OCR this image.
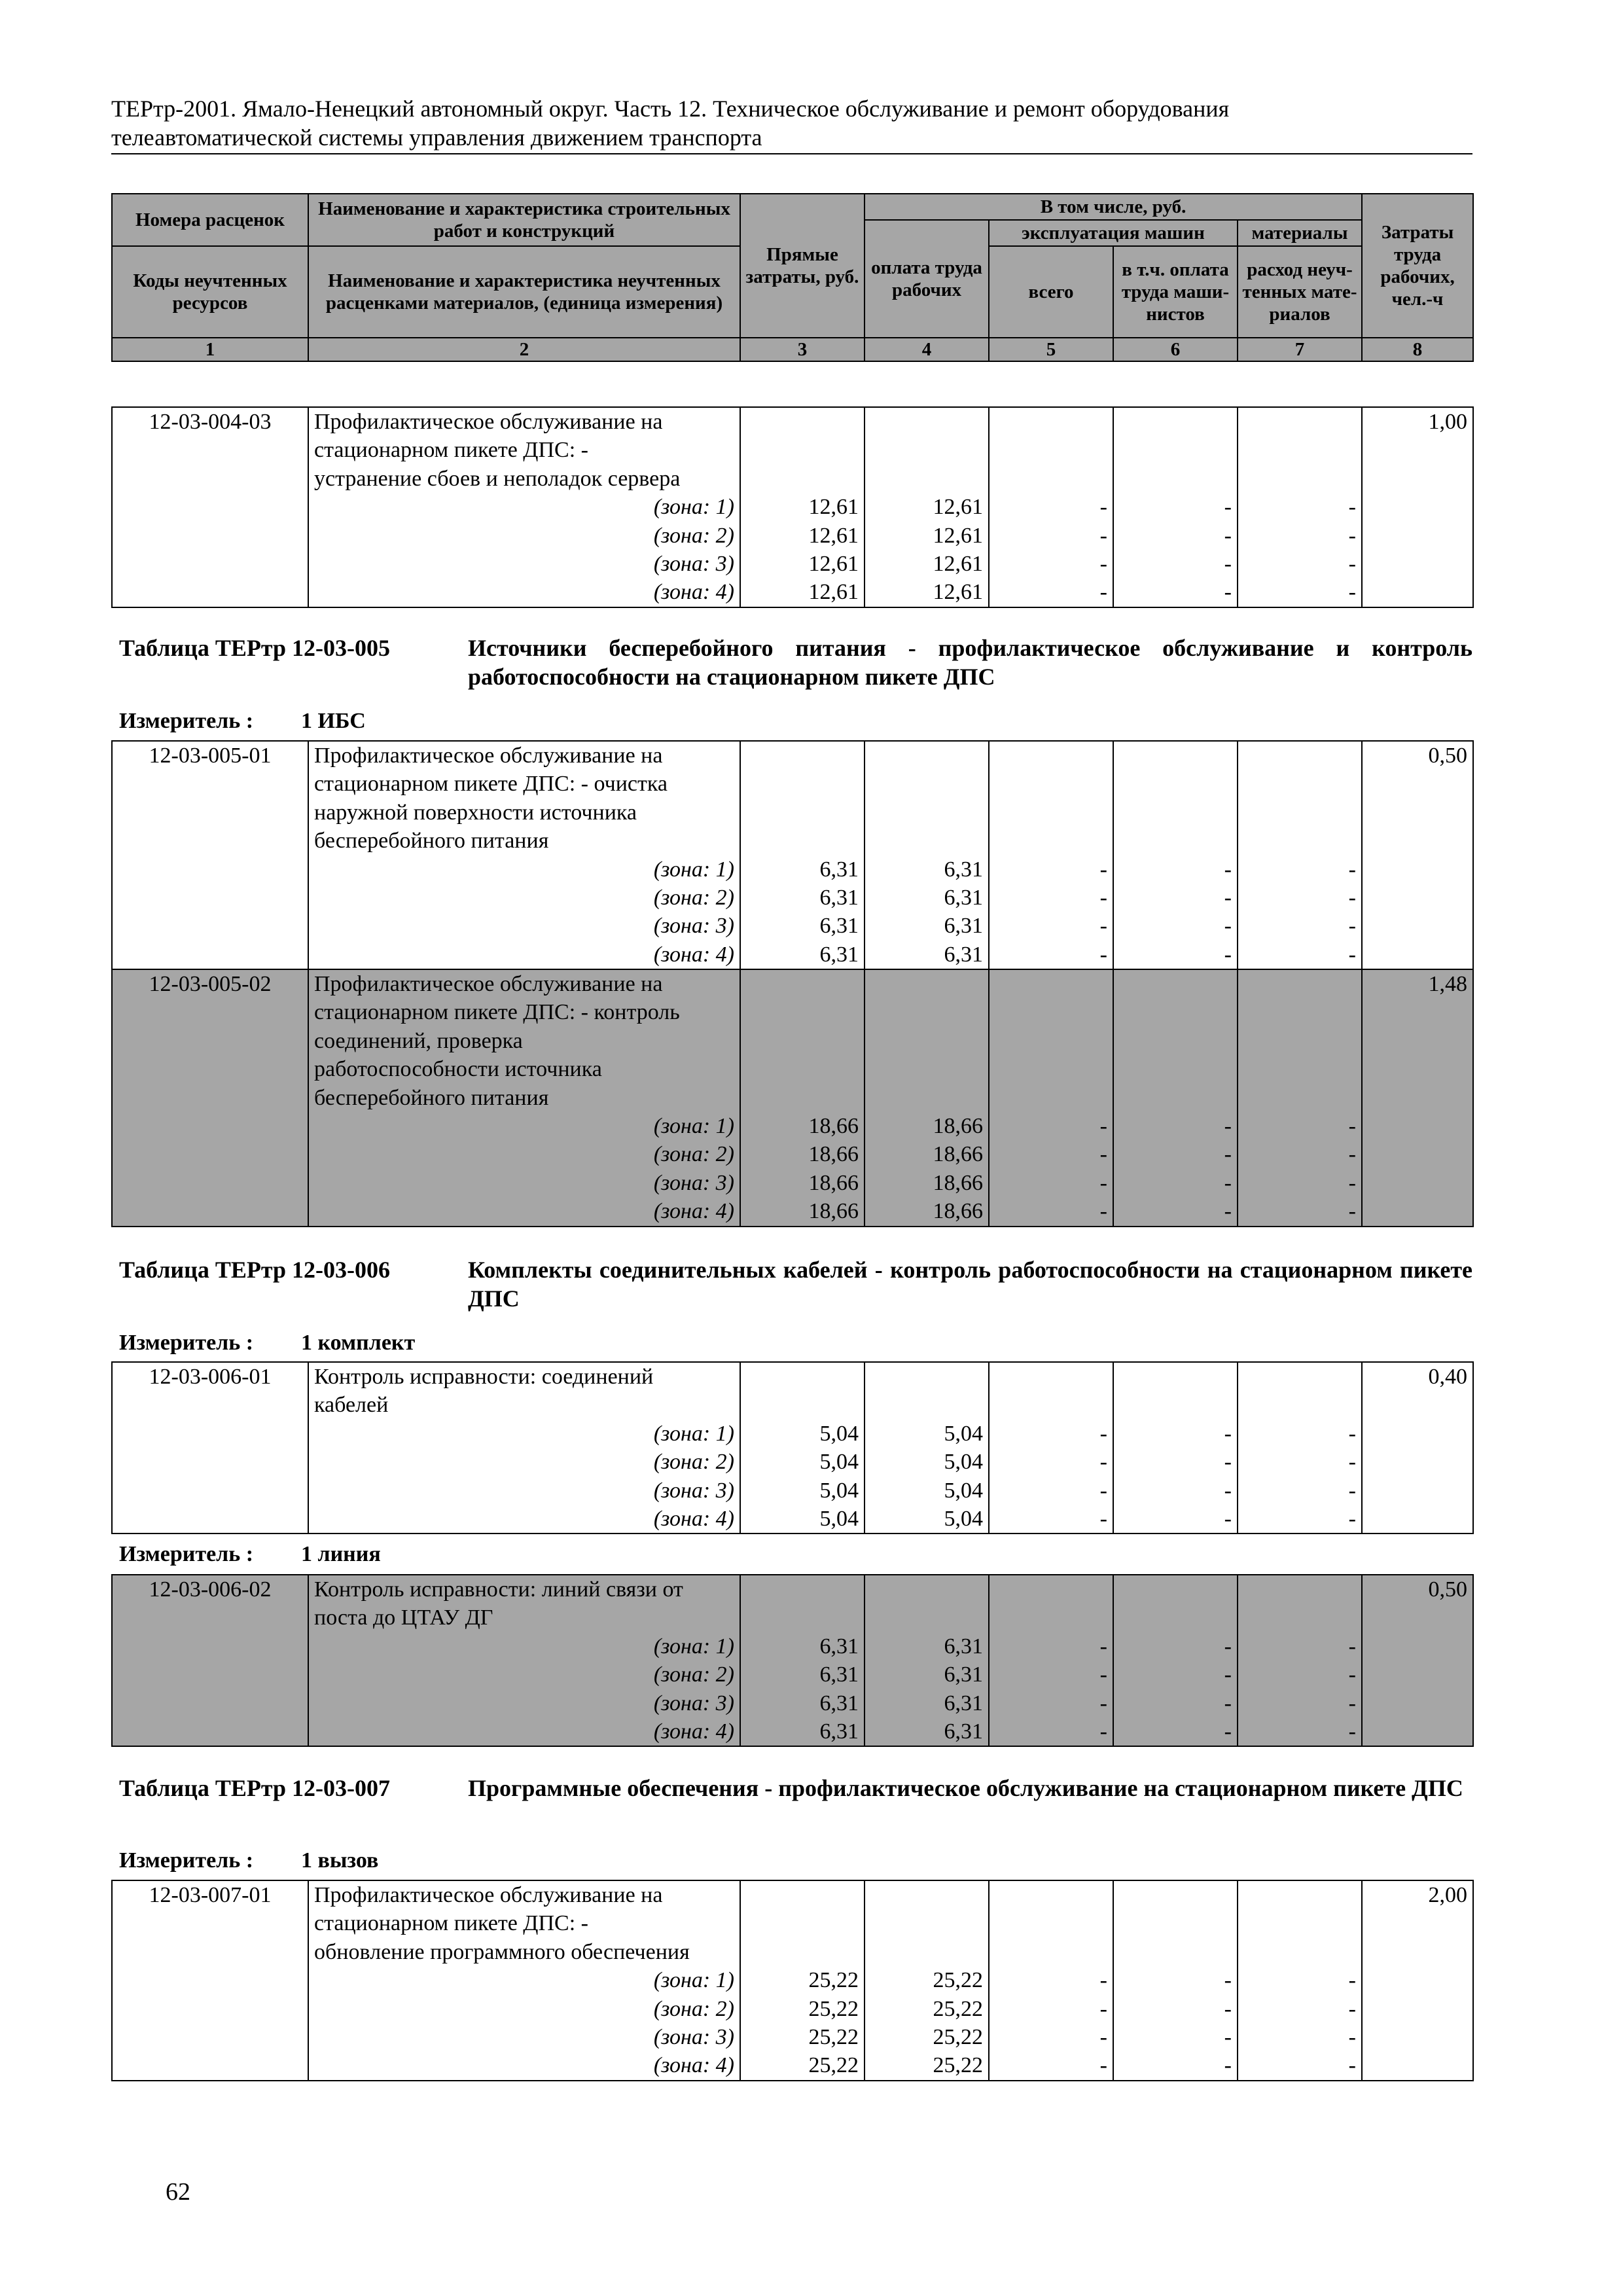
ТЕРтр-2001. Ямало-Ненецкий автономный округ. Часть 12. Техническое обслуживание и ремонт оборудования
телеавтоматической системы управления движением транспорта
Номера расценок	Наименование и характеристика строительных работ и конструкций	Прямые затраты, руб.	В том числе, руб.				Затраты труда рабочих, чел.-ч
			оплата труда рабочих	эксплуатация машин		материалы	
				всего	в т.ч. оплата труда маши-нистов	расход неуч-тенных мате-риалов	
Коды неучтенных ресурсов	Наименование и характеристика неучтенных расценками материалов, (единица измерения)						

1	2	3	4	5	6	7	8
12-03-004-03	Профилактическое обслуживание на						1,00
	стационарном пикете ДПС: -						
	устранение сбоев и неполадок сервера						
	(зона: 1)	12,61	12,61	-	-	-	
	(зона: 2)	12,61	12,61	-	-	-	
	(зона: 3)	12,61	12,61	-	-	-	
	(зона: 4)	12,61	12,61	-	-	-	
Таблица ТЕРтр 12-03-005	Источники бесперебойного питания - профилактическое обслуживание и контроль работоспособности на стационарном пикете ДПС
Измеритель : 1 ИБС
12-03-005-01	Профилактическое обслуживание на						0,50
	стационарном пикете ДПС: - очистка						
	наружной поверхности источника						
	бесперебойного питания						
	(зона: 1)	6,31	6,31	-	-	-	
	(зона: 2)	6,31	6,31	-	-	-	
	(зона: 3)	6,31	6,31	-	-	-	
	(зона: 4)	6,31	6,31	-	-	-	
12-03-005-02	Профилактическое обслуживание на						1,48
	стационарном пикете ДПС: - контроль						
	соединений, проверка						
	работоспособности источника						
	бесперебойного питания						
	(зона: 1)	18,66	18,66	-	-	-	
	(зона: 2)	18,66	18,66	-	-	-	
	(зона: 3)	18,66	18,66	-	-	-	
	(зона: 4)	18,66	18,66	-	-	-	
Таблица ТЕРтр 12-03-006	Комплекты соединительных кабелей - контроль работоспособности на стационарном пикете ДПС
Измеритель : 1 комплект
12-03-006-01	Контроль исправности: соединений						0,40
	кабелей						
	(зона: 1)	5,04	5,04	-	-	-	
	(зона: 2)	5,04	5,04	-	-	-	
	(зона: 3)	5,04	5,04	-	-	-	
	(зона: 4)	5,04	5,04	-	-	-	
Измеритель : 1 линия
12-03-006-02	Контроль исправности: линий связи от						0,50
	поста до ЦТАУ ДГ						
	(зона: 1)	6,31	6,31	-	-	-	
	(зона: 2)	6,31	6,31	-	-	-	
	(зона: 3)	6,31	6,31	-	-	-	
	(зона: 4)	6,31	6,31	-	-	-	
Таблица ТЕРтр 12-03-007	Программные обеспечения - профилактическое обслуживание на стационарном пикете ДПС
Измеритель : 1 вызов
12-03-007-01	Профилактическое обслуживание на						2,00
	стационарном пикете ДПС: -						
	обновление программного обеспечения						
	(зона: 1)	25,22	25,22	-	-	-	
	(зона: 2)	25,22	25,22	-	-	-	
	(зона: 3)	25,22	25,22	-	-	-	
	(зона: 4)	25,22	25,22	-	-	-	
62
